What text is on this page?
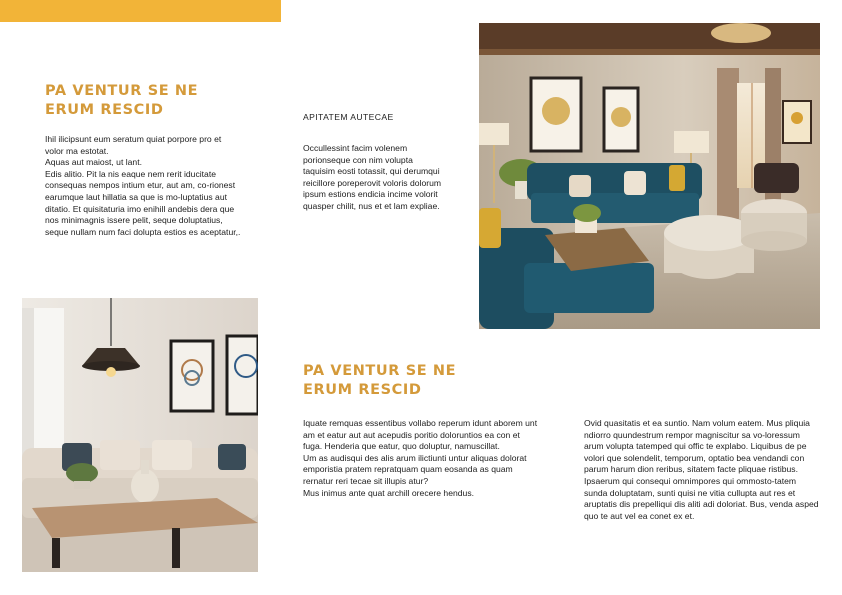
PA VENTUR SE NE
ERUM RESCID

Ihil ilicipsunt eum seratum quiat porpore pro et volor ma estotat.

Aquas aut maiost, ut lant.

Edis alitio. Pit la nis eaque nem rerit iducitate consequas nempos intium etur, aut am, co-rionest earumque laut hillatia sa que is mo-luptatius aut ditatio. Et quisitaturia imo enihill andebis dera que nos minimagnis issere pelit, seque doluptatius, seque nullam num faci dolupta estios es aceptatur,.

APITATEM AUTECAE

Occullessint facim volenem porionseque con nim volupta taquisim eosti totassit, qui derumqui reicillore poreperovit voloris dolorum ipsum estions endicia incime volorit quasper chilit, nus et et lam expliae.

PA VENTUR SE NE
ERUM RESCID

Iquate remquas essentibus vollabo reperum idunt aborem unt am et eatur aut aut acepudis poritio doloruntios ea con et fuga. Henderia que eatur, quo doluptur, namuscillat.

Um as audisqui des alis arum ilictiunti untur aliquas dolorat emporistia pratem repratquam quam eosanda as quam rernatur reri tecae sit illupis atur?

Mus inimus ante quat archill orecere hendus.

Ovid quasitatis et ea suntio. Nam volum eatem. Mus pliquia ndiorro quundestrum rempor magniscitur sa vo-loressum arum volupta tatemped qui offic te explabo. Liquibus de pe volori que solendelit, temporum, optatio bea vendandi con parum harum dion reribus, sitatem facte pliquae ristibus.

Ipsaerum qui consequi omnimpores qui ommosto-tatem sunda doluptatam, sunti quisi ne vitia cullupta aut res et aruptatis dis prepelliqui dis aliti adi doloriat. Bus, venda asped quo te aut vel ea conet ex et.
